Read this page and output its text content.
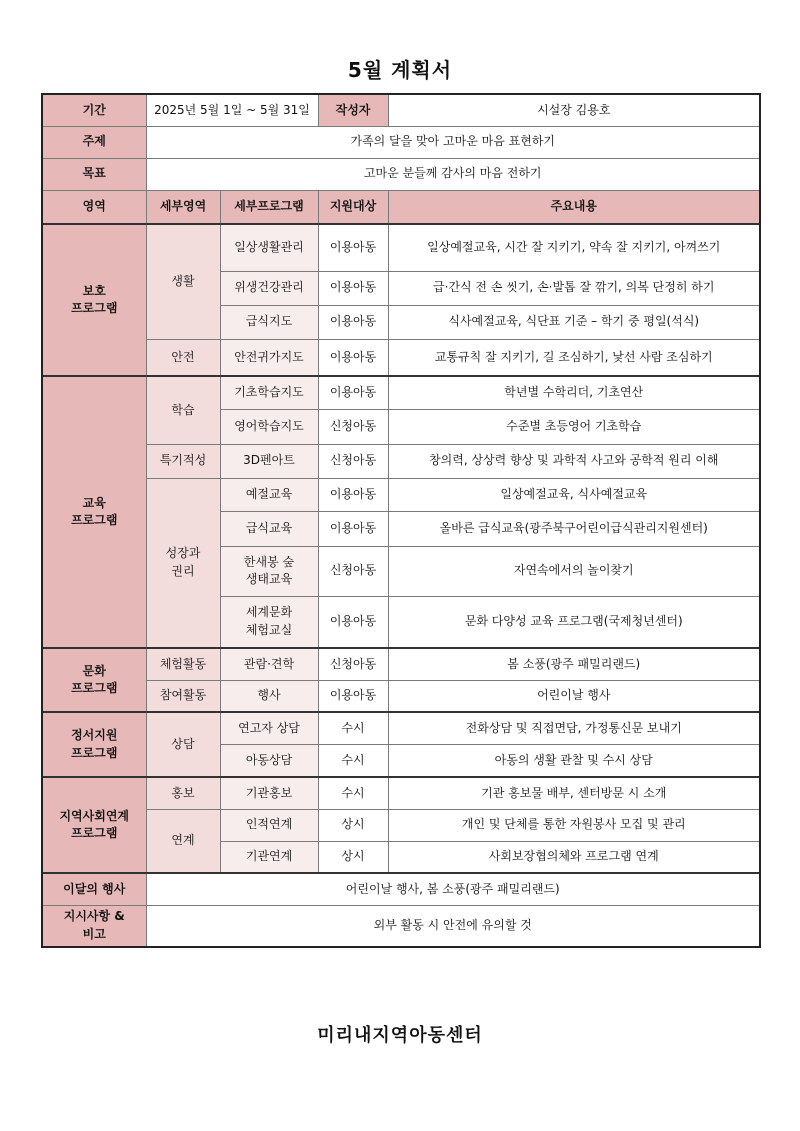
5월 계획서
기간	2025년 5월 1일 ~ 5월 31일		작성자	시설장 김용호
주제	가족의 달을 맞아 고마운 마음 표현하기			
목표	고마운 분들께 감사의 마음 전하기			
영역	세부영역	세부프로그램	지원대상	주요내용
보호
프로그램	생활	일상생활관리	이용아동	일상예절교육, 시간 잘 지키기, 약속 잘 지키기, 아껴쓰기
		위생건강관리	이용아동	급·간식 전 손 씻기, 손·발톱 잘 깎기, 의복 단정히 하기
		급식지도	이용아동	식사예절교육, 식단표 기준 – 학기 중 평일(석식)
	안전	안전귀가지도	이용아동	교통규칙 잘 지키기, 길 조심하기, 낯선 사람 조심하기
교육
프로그램	학습	기초학습지도	이용아동	학년별 수학리더, 기초연산
		영어학습지도	신청아동	수준별 초등영어 기초학습
	특기적성	3D펜아트	신청아동	창의력, 상상력 향상 및 과학적 사고와 공학적 원리 이해
	성장과
권리	예절교육	이용아동	일상예절교육, 식사예절교육
		급식교육	이용아동	올바른 급식교육(광주북구어린이급식관리지원센터)
		한새봉 숲
생태교육	신청아동	자연속에서의 놀이찾기
		세계문화
체험교실	이용아동	문화 다양성 교육 프로그램(국제청년센터)
문화
프로그램	체험활동	관람·견학	신청아동	봄 소풍(광주 패밀리랜드)
	참여활동	행사	이용아동	어린이날 행사
정서지원
프로그램	상담	연고자 상담	수시	전화상담 및 직접면담, 가정통신문 보내기
		아동상담	수시	아동의 생활 관찰 및 수시 상담
지역사회연계
프로그램	홍보	기관홍보	수시	기관 홍보물 배부, 센터방문 시 소개
	연계	인적연계	상시	개인 및 단체를 통한 자원봉사 모집 및 관리
		기관연계	상시	사회보장협의체와 프로그램 연계
이달의 행사	어린이날 행사, 봄 소풍(광주 패밀리랜드)			
지시사항 &
비고	외부 활동 시 안전에 유의할 것			
미리내지역아동센터
